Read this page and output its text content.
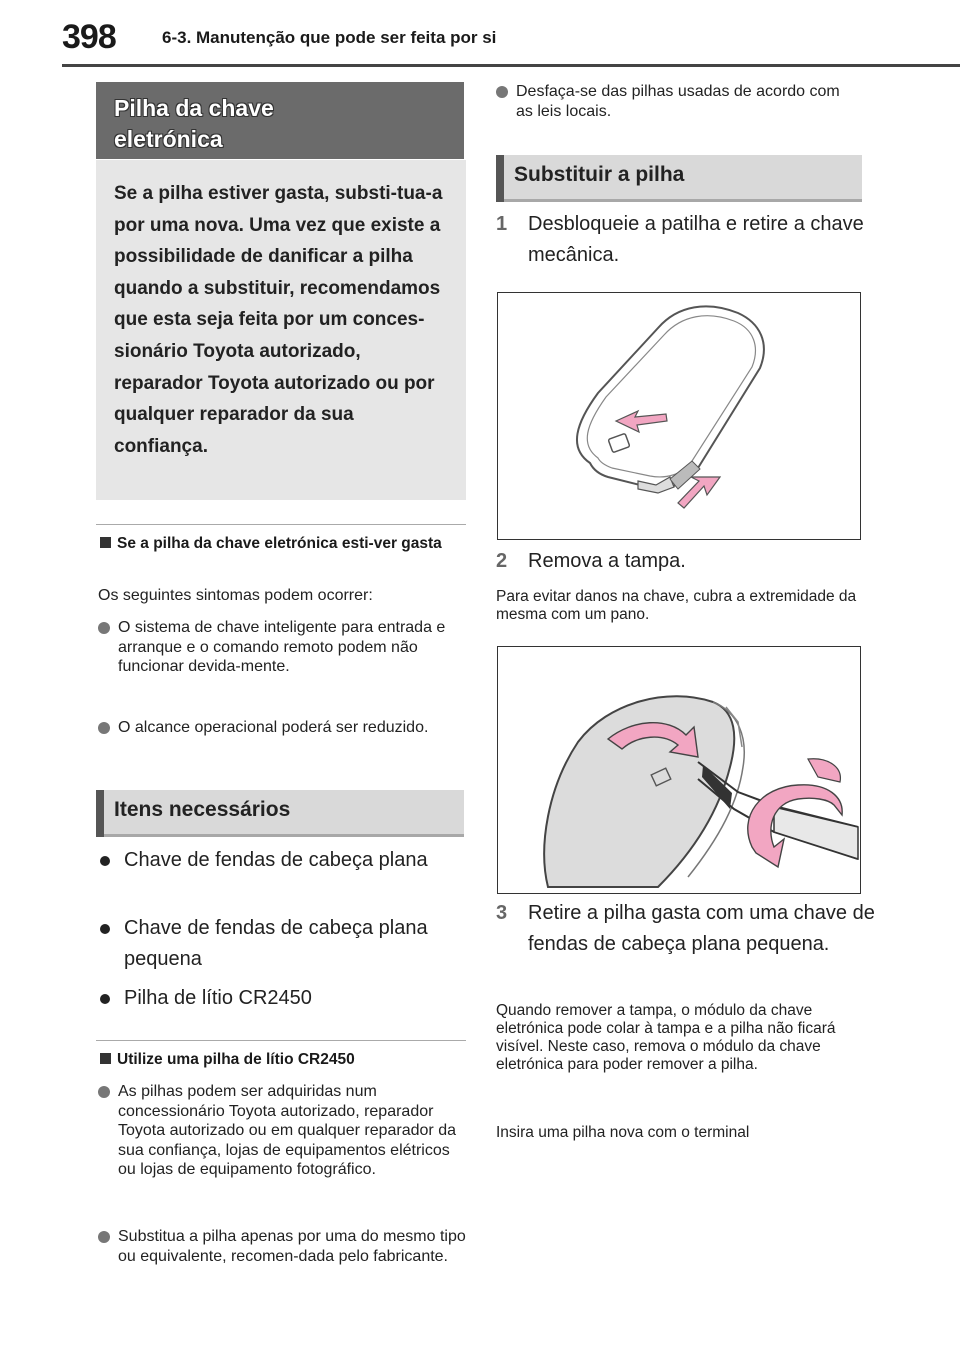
398	6-3. Manutenção que pode ser feita por si
Pilha da chave
eletrónica

Se a pilha estiver gasta, substi-tua-a por uma nova. Uma vez que existe a possibilidade de danificar a pilha quando a substituir, recomendamos que esta seja feita por um conces-sionário Toyota autorizado, reparador Toyota autorizado ou por qualquer reparador da sua confiança.

Se a pilha da chave eletrónica esti-ver gasta
Os seguintes sintomas podem ocorrer:
O sistema de chave inteligente para entrada e arranque e o comando remoto podem não funcionar devida-mente.
O alcance operacional poderá ser reduzido.
Itens necessários
Chave de fendas de cabeça plana
Chave de fendas de cabeça plana pequena
Pilha de lítio CR2450
Utilize uma pilha de lítio CR2450
As pilhas podem ser adquiridas num concessionário Toyota autorizado, reparador Toyota autorizado ou em qualquer reparador da sua confiança, lojas de equipamentos elétricos ou lojas de equipamento fotográfico.
Substitua a pilha apenas por uma do mesmo tipo ou equivalente, recomen-dada pelo fabricante.
Desfaça-se das pilhas usadas de acordo com as leis locais.
Substituir a pilha
1 Desbloqueie a patilha e retire a chave mecânica.
2 Remova a tampa.
Para evitar danos na chave, cubra a extremidade da mesma com um pano.
3 Retire a pilha gasta com uma chave de fendas de cabeça plana pequena.
Quando remover a tampa, o módulo da chave eletrónica pode colar à tampa e a pilha não ficará visível. Neste caso, remova o módulo da chave eletrónica para poder remover a pilha.
Insira uma pilha nova com o terminal
